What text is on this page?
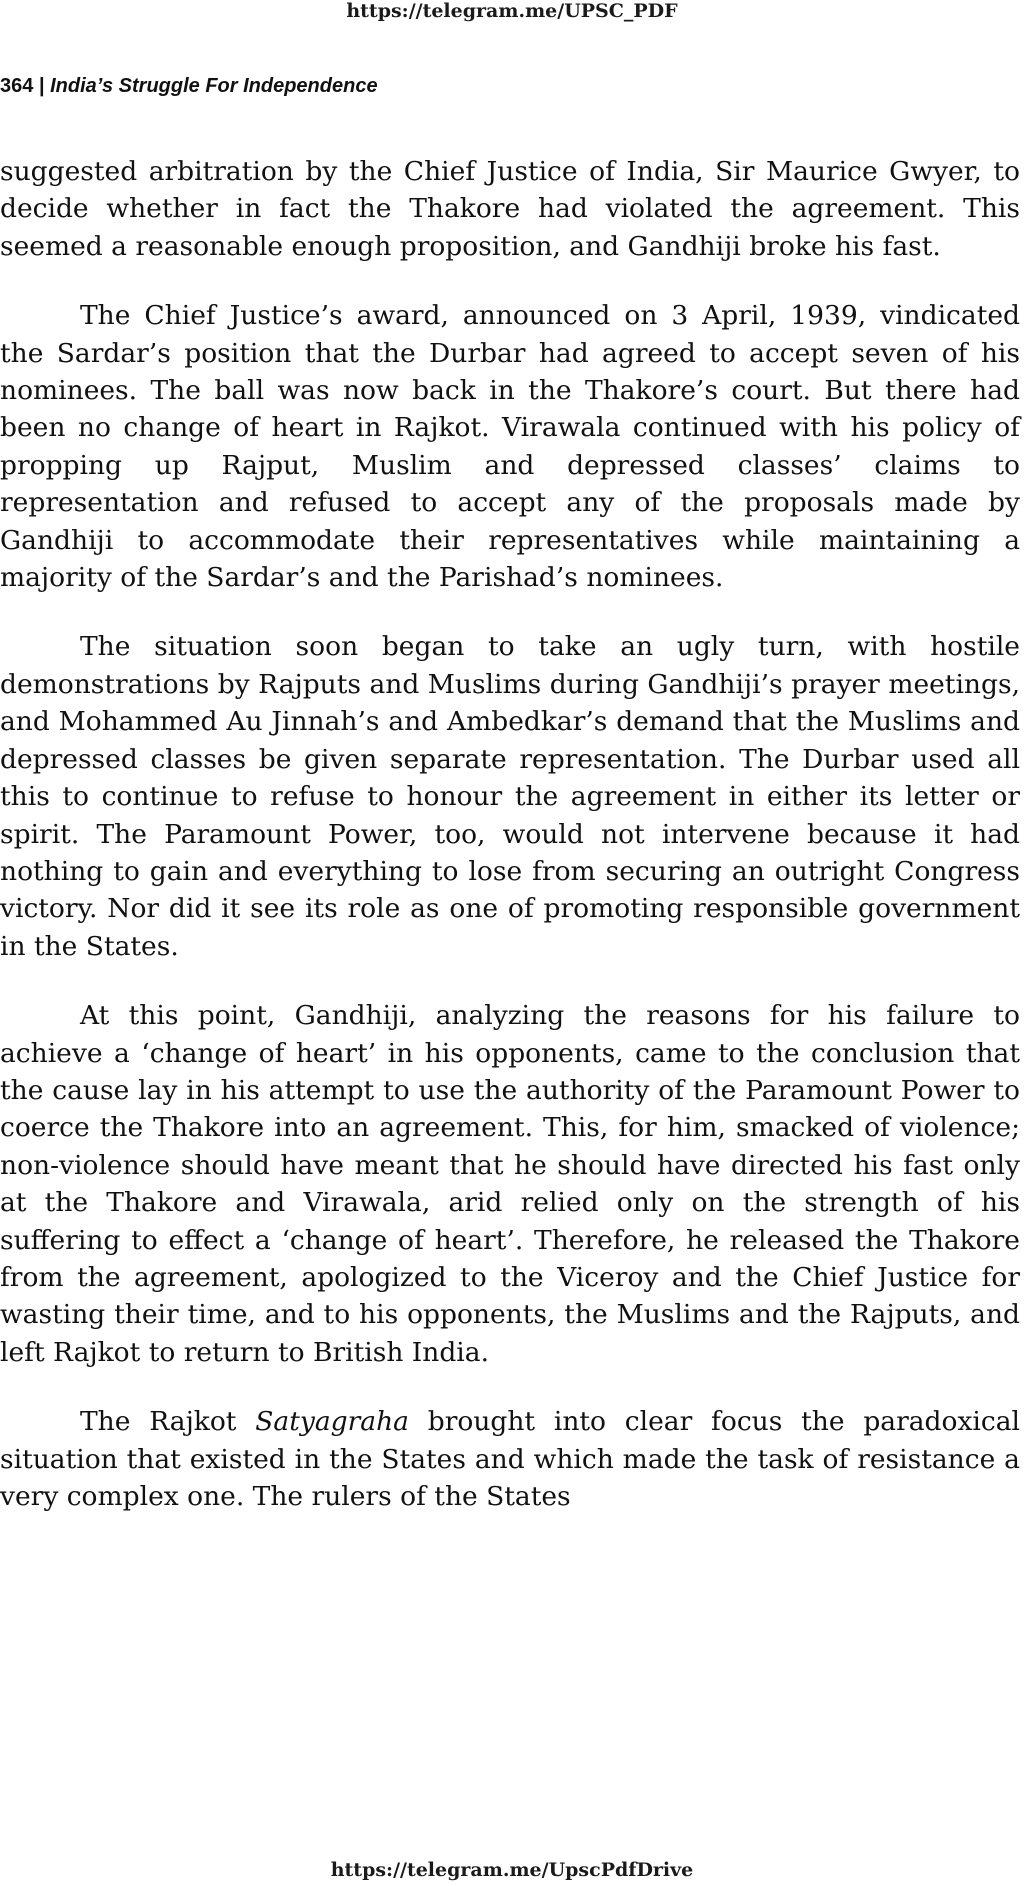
https://telegram.me/UPSC_PDF
364 | India’s Struggle For Independence

suggested arbitration by the Chief Justice of India, Sir Maurice Gwyer, to decide whether in fact the Thakore had violated the agreement. This seemed a reasonable enough proposition, and Gandhiji broke his fast.

The Chief Justice’s award, announced on 3 April, 1939, vindicated the Sardar’s position that the Durbar had agreed to accept seven of his nominees. The ball was now back in the Thakore’s court. But there had been no change of heart in Rajkot. Virawala continued with his policy of propping up Rajput, Muslim and depressed classes’ claims to representation and refused to accept any of the proposals made by Gandhiji to accommodate their representatives while maintaining a majority of the Sardar’s and the Parishad’s nominees.

The situation soon began to take an ugly turn, with hostile demonstrations by Rajputs and Muslims during Gandhiji’s prayer meetings, and Mohammed Au Jinnah’s and Ambedkar’s demand that the Muslims and depressed classes be given separate representation. The Durbar used all this to continue to refuse to honour the agreement in either its letter or spirit. The Paramount Power, too, would not intervene because it had nothing to gain and everything to lose from securing an outright Congress victory. Nor did it see its role as one of promoting responsible government in the States.

At this point, Gandhiji, analyzing the reasons for his failure to achieve a ‘change of heart’ in his opponents, came to the conclusion that the cause lay in his attempt to use the authority of the Paramount Power to coerce the Thakore into an agreement. This, for him, smacked of violence; non-violence should have meant that he should have directed his fast only at the Thakore and Virawala, arid relied only on the strength of his suffering to effect a ‘change of heart’. Therefore, he released the Thakore from the agreement, apologized to the Viceroy and the Chief Justice for wasting their time, and to his opponents, the Muslims and the Rajputs, and left Rajkot to return to British India.

The Rajkot Satyagraha brought into clear focus the paradoxical situation that existed in the States and which made the task of resistance a very complex one. The rulers of the States

https://telegram.me/UpscPdfDrive
